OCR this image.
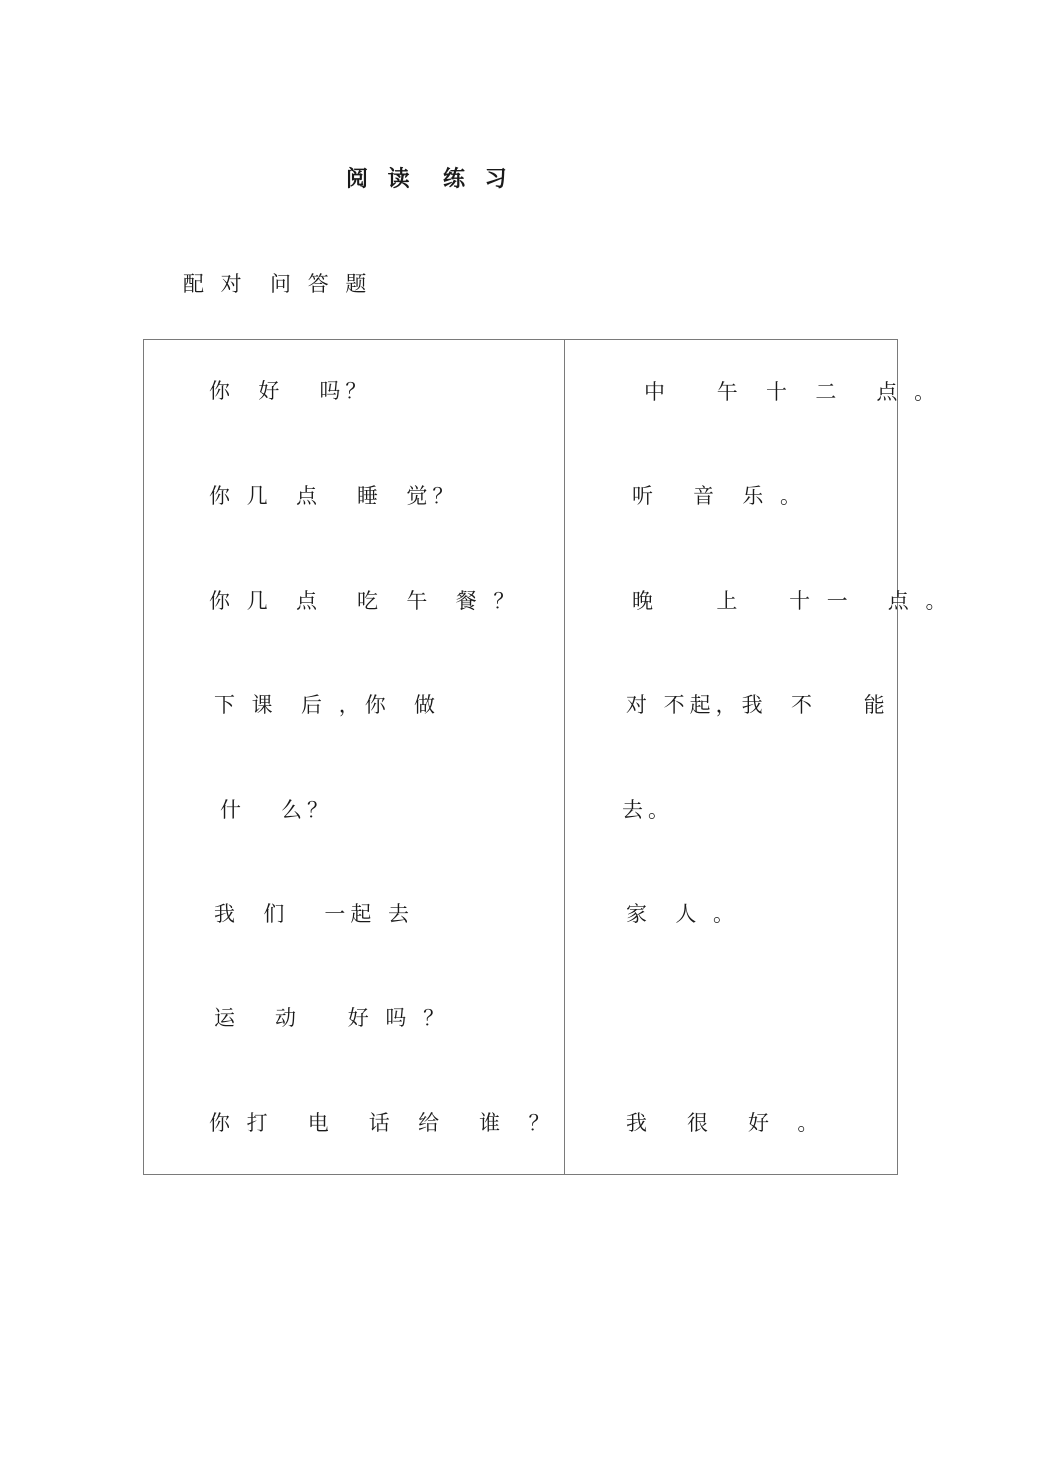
阅 读  练 习
配 对  问 答 题
你  好   吗？
你 几  点   睡  觉？
你 几  点   吃  午  餐 ？
下 课  后 ，你  做
什   么？
我  们   一起 去
运   动    好 吗 ？
你 打   电   话  给   谁  ？
中    午  十  二   点 。
听   音  乐 。
晚     上    十 一   点 。
对 不起，我  不    能
去。
家  人 。
我   很   好  。
